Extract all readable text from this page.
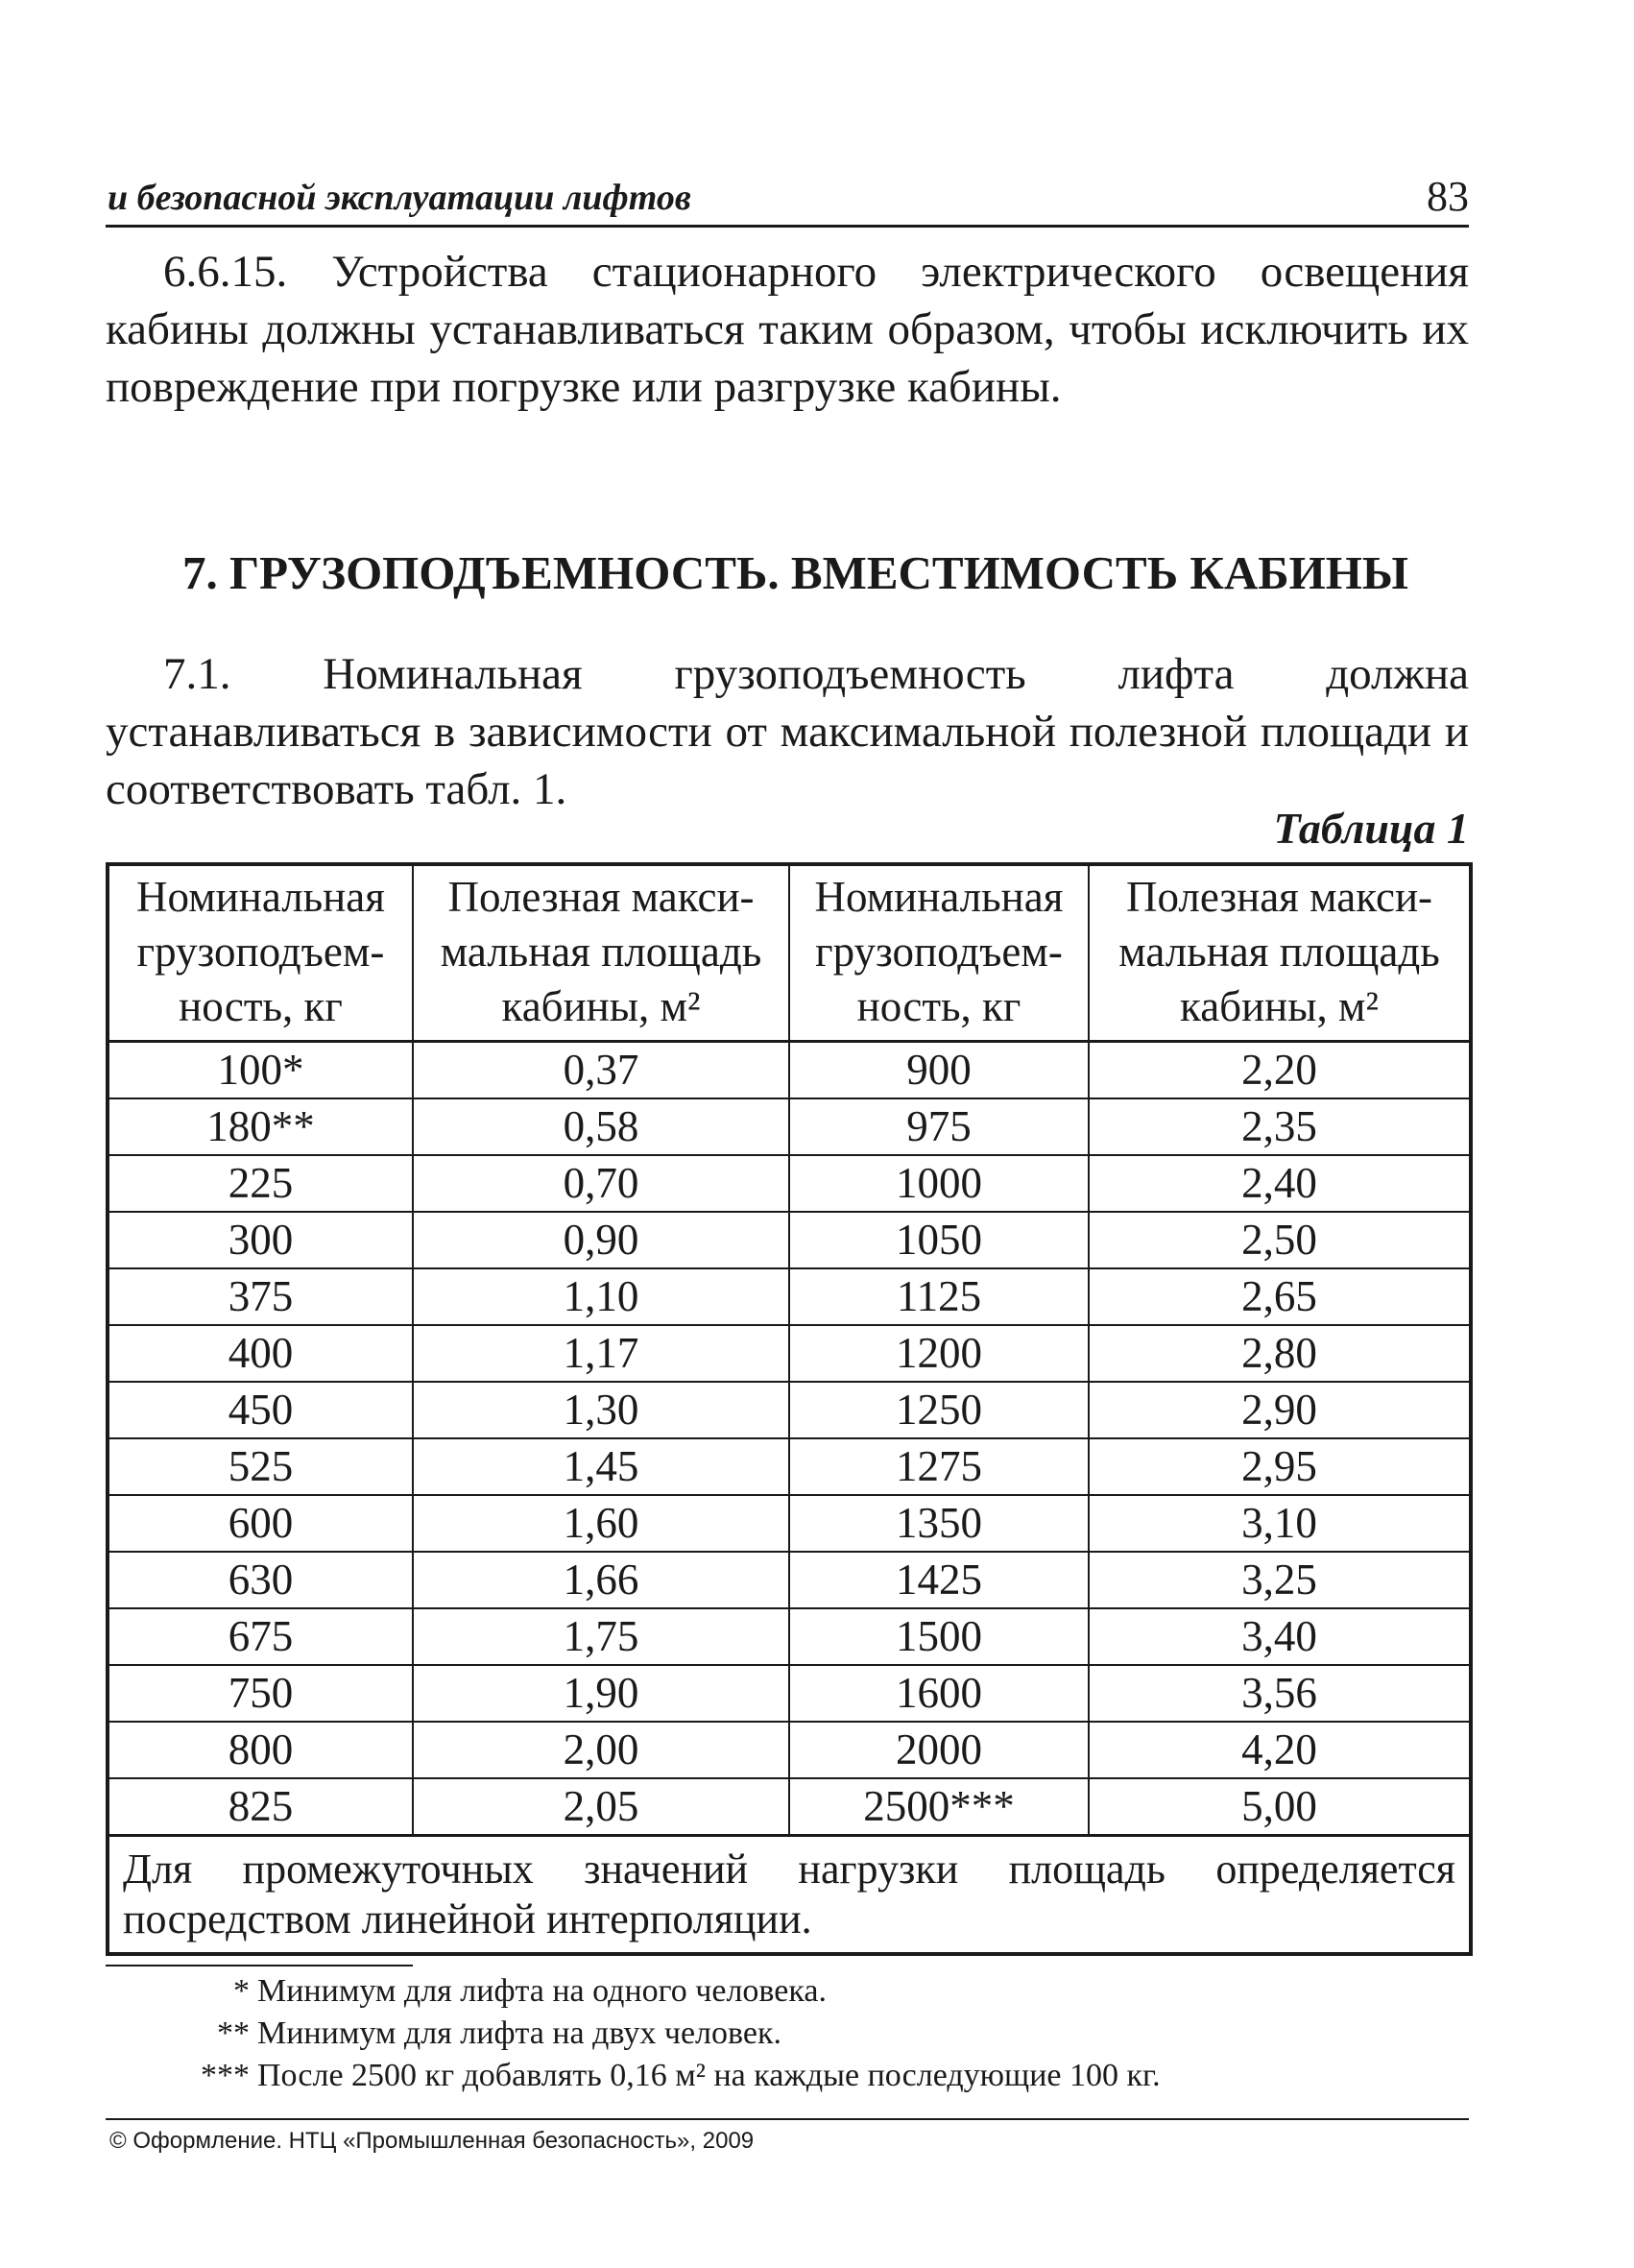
и безопасной эксплуатации лифтов	83

6.6.15. Устройства стационарного электрического освещения кабины должны устанавливаться таким образом, чтобы исключить их повреждение при погрузке или разгрузке кабины.

7. ГРУЗОПОДЪЕМНОСТЬ. ВМЕСТИМОСТЬ КАБИНЫ

7.1. Номинальная грузоподъемность лифта должна устанавливаться в зависимости от максимальной полезной площади и соответствовать табл. 1.

Таблица 1
Номинальная грузоподъем-ность, кг	Полезная макси-мальная площадь кабины, м²	Номинальная грузоподъем-ность, кг	Полезная макси-мальная площадь кабины, м²
100*	0,37	900	2,20
180**	0,58	975	2,35
225	0,70	1000	2,40
300	0,90	1050	2,50
375	1,10	1125	2,65
400	1,17	1200	2,80
450	1,30	1250	2,90
525	1,45	1275	2,95
600	1,60	1350	3,10
630	1,66	1425	3,25
675	1,75	1500	3,40
750	1,90	1600	3,56
800	2,00	2000	4,20
825	2,05	2500***	5,00
Для промежуточных значений нагрузки площадь определяется посредством линейной интерполяции.			

* Минимум для лифта на одного человека.

** Минимум для лифта на двух человек.

*** После 2500 кг добавлять 0,16 м² на каждые последующие 100 кг.

© Оформление. НТЦ «Промышленная безопасность», 2009
